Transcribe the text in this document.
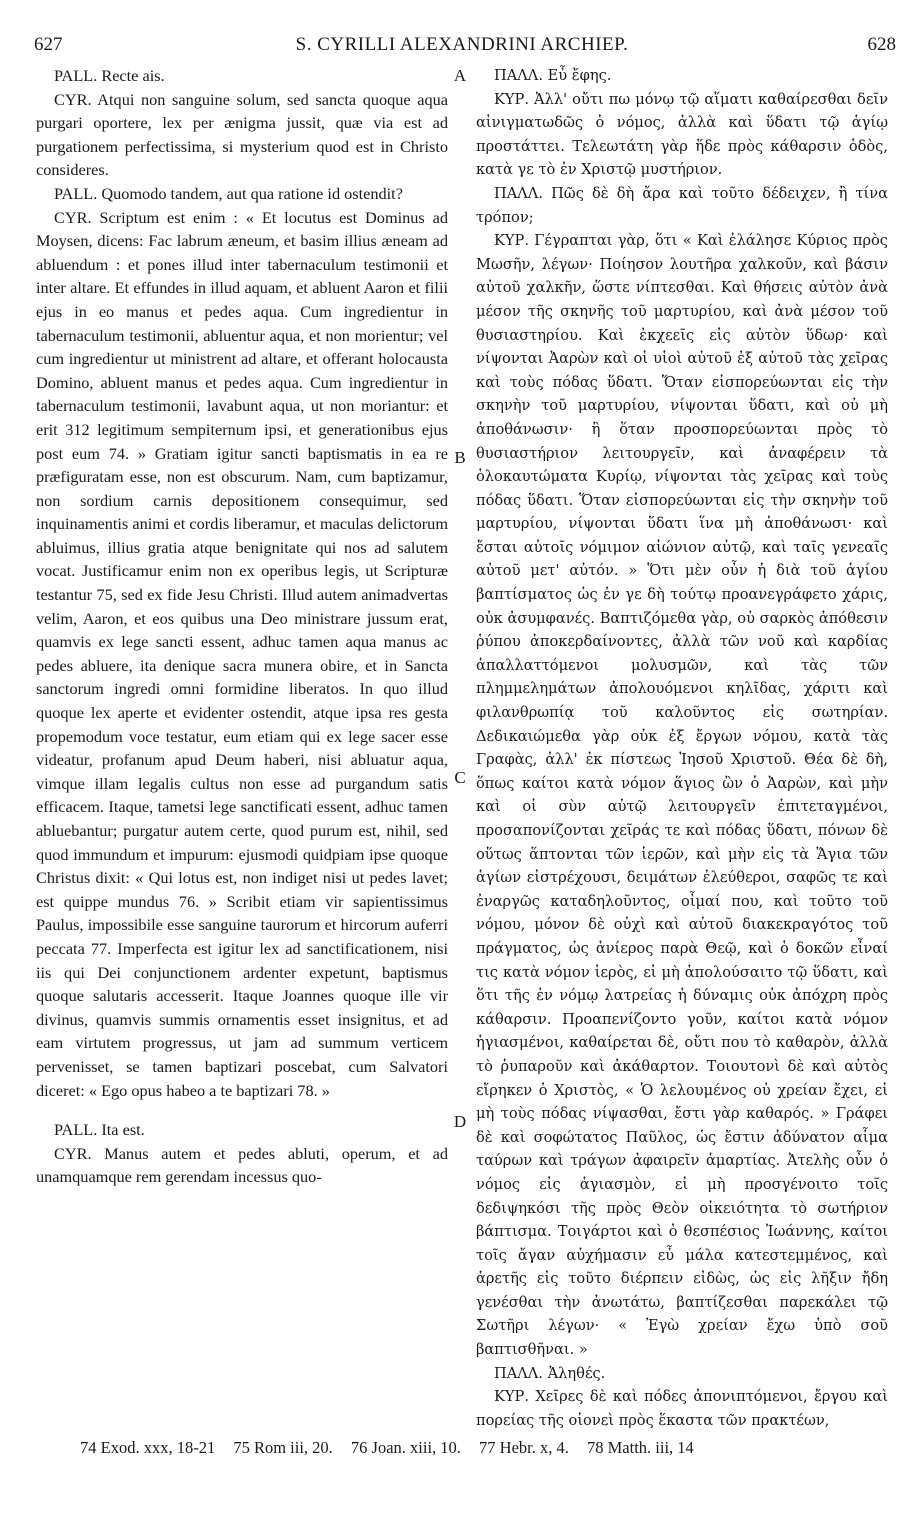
627	S. CYRILLI ALEXANDRINI ARCHIEP.	628

PALL. Recte ais.

CYR. Atqui non sanguine solum, sed sancta quoque aqua purgari oportere, lex per ænigma jussit, quæ via est ad purgationem perfectissima, si mysterium quod est in Christo consideres.

PALL. Quomodo tandem, aut qua ratione id ostendit?

CYR. Scriptum est enim : « Et locutus est Dominus ad Moysen, dicens: Fac labrum æneum, et basim illius æneam ad abluendum : et pones illud inter tabernaculum testimonii et inter altare. Et effundes in illud aquam, et abluent Aaron et filii ejus in eo manus et pedes aqua. Cum ingredientur in tabernaculum testimonii, abluentur aqua, et non morientur; vel cum ingredientur ut ministrent ad altare, et offerant holocausta Domino, abluent manus et pedes aqua. Cum ingredientur in tabernaculum testimonii, lavabunt aqua, ut non moriantur: et erit 312 legitimum sempiternum ipsi, et generationibus ejus post eum 74. » Gratiam igitur sancti baptismatis in ea re præfiguratam esse, non est obscurum. Nam, cum baptizamur, non sordium carnis depositionem consequimur, sed inquinamentis animi et cordis liberamur, et maculas delictorum abluimus, illius gratia atque benignitate qui nos ad salutem vocat. Justificamur enim non ex operibus legis, ut Scripturæ testantur 75, sed ex fide Jesu Christi. Illud autem animadvertas velim, Aaron, et eos quibus una Deo ministrare jussum erat, quamvis ex lege sancti essent, adhuc tamen aqua manus ac pedes abluere, ita denique sacra munera obire, et in Sancta sanctorum ingredi omni formidine liberatos. In quo illud quoque lex aperte et evidenter ostendit, atque ipsa res gesta propemodum voce testatur, eum etiam qui ex lege sacer esse videatur, profanum apud Deum haberi, nisi abluatur aqua, vimque illam legalis cultus non esse ad purgandum satis efficacem. Itaque, tametsi lege sanctificati essent, adhuc tamen abluebantur; purgatur autem certe, quod purum est, nihil, sed quod immundum et impurum: ejusmodi quidpiam ipse quoque Christus dixit: « Qui lotus est, non indiget nisi ut pedes lavet; est quippe mundus 76. » Scribit etiam vir sapientissimus Paulus, impossibile esse sanguine taurorum et hircorum auferri peccata 77. Imperfecta est igitur lex ad sanctificationem, nisi iis qui Dei conjunctionem ardenter expetunt, baptismus quoque salutaris accesserit. Itaque Joannes quoque ille vir divinus, quamvis summis ornamentis esset insignitus, et ad eam virtutem progressus, ut jam ad summum verticem pervenisset, se tamen baptizari poscebat, cum Salvatori diceret: « Ego opus habeo a te baptizari 78. »

PALL. Ita est.

CYR. Manus autem et pedes abluti, operum, et ad unamquamque rem gerendam incessus quo-

A
B
C
D

ΠΑΛΛ. Εὖ ἔφης.

ΚΥΡ. Ἀλλ' οὔτι πω μόνῳ τῷ αἵματι καθαίρεσθαι δεῖν αἰνιγματωδῶς ὁ νόμος, ἀλλὰ καὶ ὕδατι τῷ ἁγίῳ προστάττει. Τελεωτάτη γὰρ ἥδε πρὸς κάθαρσιν ὁδὸς, κατὰ γε τὸ ἐν Χριστῷ μυστήριον.

ΠΑΛΛ. Πῶς δὲ δὴ ἄρα καὶ τοῦτο δέδειχεν, ἢ τίνα τρόπον;

ΚΥΡ. Γέγραπται γὰρ, ὅτι « Καὶ ἐλάλησε Κύριος πρὸς Μωσῆν, λέγων· Ποίησον λουτῆρα χαλκοῦν, καὶ βάσιν αὐτοῦ χαλκῆν, ὥστε νίπτεσθαι. Καὶ θήσεις αὐτὸν ἀνὰ μέσον τῆς σκηνῆς τοῦ μαρτυρίου, καὶ ἀνὰ μέσον τοῦ θυσιαστηρίου. Καὶ ἐκχεεῖς εἰς αὐτὸν ὕδωρ· καὶ νίψονται Ἀαρὼν καὶ οἱ υἱοὶ αὐτοῦ ἐξ αὐτοῦ τὰς χεῖρας καὶ τοὺς πόδας ὕδατι. Ὅταν εἰσπορεύωνται εἰς τὴν σκηνὴν τοῦ μαρτυρίου, νίψονται ὕδατι, καὶ οὐ μὴ ἀποθάνωσιν· ἢ ὅταν προσπορεύωνται πρὸς τὸ θυσιαστήριον λειτουργεῖν, καὶ ἀναφέρειν τὰ ὁλοκαυτώματα Κυρίῳ, νίψονται τὰς χεῖρας καὶ τοὺς πόδας ὕδατι. Ὅταν εἰσπορεύωνται εἰς τὴν σκηνὴν τοῦ μαρτυρίου, νίψονται ὕδατι ἵνα μὴ ἀποθάνωσι· καὶ ἔσται αὐτοῖς νόμιμον αἰώνιον αὐτῷ, καὶ ταῖς γενεαῖς αὐτοῦ μετ' αὐτόν. » Ὅτι μὲν οὖν ἡ διὰ τοῦ ἁγίου βαπτίσματος ὡς ἐν γε δὴ τούτῳ προανεγράφετο χάρις, οὐκ ἀσυμφανές. Βαπτιζόμεθα γὰρ, οὐ σαρκὸς ἀπόθεσιν ῥύπου ἀποκερδαίνοντες, ἀλλὰ τῶν νοῦ καὶ καρδίας ἀπαλλαττόμενοι μολυσμῶν, καὶ τὰς τῶν πλημμελημάτων ἀπολουόμενοι κηλῖδας, χάριτι καὶ φιλανθρωπίᾳ τοῦ καλοῦντος εἰς σωτηρίαν. Δεδικαιώμεθα γὰρ οὐκ ἐξ ἔργων νόμου, κατὰ τὰς Γραφὰς, ἀλλ' ἐκ πίστεως Ἰησοῦ Χριστοῦ. Θέα δὲ δὴ, ὅπως καίτοι κατὰ νόμον ἅγιος ὢν ὁ Ἀαρὼν, καὶ μὴν καὶ οἱ σὺν αὐτῷ λειτουργεῖν ἐπιτεταγμένοι, προσαπονίζονται χεῖράς τε καὶ πόδας ὕδατι, πόνων δὲ οὕτως ἅπτονται τῶν ἱερῶν, καὶ μὴν εἰς τὰ Ἅγια τῶν ἁγίων εἰστρέχουσι, δειμάτων ἐλεύθεροι, σαφῶς τε καὶ ἐναργῶς καταδηλοῦντος, οἶμαί που, καὶ τοῦτο τοῦ νόμου, μόνον δὲ οὐχὶ καὶ αὐτοῦ διακεκραγότος τοῦ πράγματος, ὡς ἀνίερος παρὰ Θεῷ, καὶ ὁ δοκῶν εἶναί τις κατὰ νόμον ἱερὸς, εἰ μὴ ἀπολούσαιτο τῷ ὕδατι, καὶ ὅτι τῆς ἐν νόμῳ λατρείας ἡ δύναμις οὐκ ἀπόχρη πρὸς κάθαρσιν. Προαπενίζοντο γοῦν, καίτοι κατὰ νόμον ἡγιασμένοι, καθαίρεται δὲ, οὔτι που τὸ καθαρὸν, ἀλλὰ τὸ ῥυπαροῦν καὶ ἀκάθαρτον. Τοιουτονὶ δὲ καὶ αὐτὸς εἴρηκεν ὁ Χριστὸς, « Ὁ λελουμένος οὐ χρείαν ἔχει, εἰ μὴ τοὺς πόδας νίψασθαι, ἔστι γὰρ καθαρός. » Γράφει δὲ καὶ σοφώτατος Παῦλος, ὡς ἔστιν ἀδύνατον αἷμα ταύρων καὶ τράγων ἀφαιρεῖν ἁμαρτίας. Ἀτελὴς οὖν ὁ νόμος εἰς ἁγιασμὸν, εἰ μὴ προσγένοιτο τοῖς δεδιψηκόσι τῆς πρὸς Θεὸν οἰκειότητα τὸ σωτήριον βάπτισμα. Τοιγάρτοι καὶ ὁ θεσπέσιος Ἰωάννης, καίτοι τοῖς ἄγαν αὐχήμασιν εὖ μάλα κατεστεμμένος, καὶ ἀρετῆς εἰς τοῦτο διέρπειν εἰδὼς, ὡς εἰς λῆξιν ἤδη γενέσθαι τὴν ἀνωτάτω, βαπτίζεσθαι παρεκάλει τῷ Σωτῆρι λέγων· « Ἐγὼ χρείαν ἔχω ὑπὸ σοῦ βαπτισθῆναι. »

ΠΑΛΛ. Ἀληθές.

ΚΥΡ. Χεῖρες δὲ καὶ πόδες ἀπονιπτόμενοι, ἔργου καὶ πορείας τῆς οἱονεὶ πρὸς ἕκαστα τῶν πρακτέων,

74 Exod. xxx, 18-21 75 Rom iii, 20. 76 Joan. xiii, 10. 77 Hebr. x, 4. 78 Matth. iii, 14
